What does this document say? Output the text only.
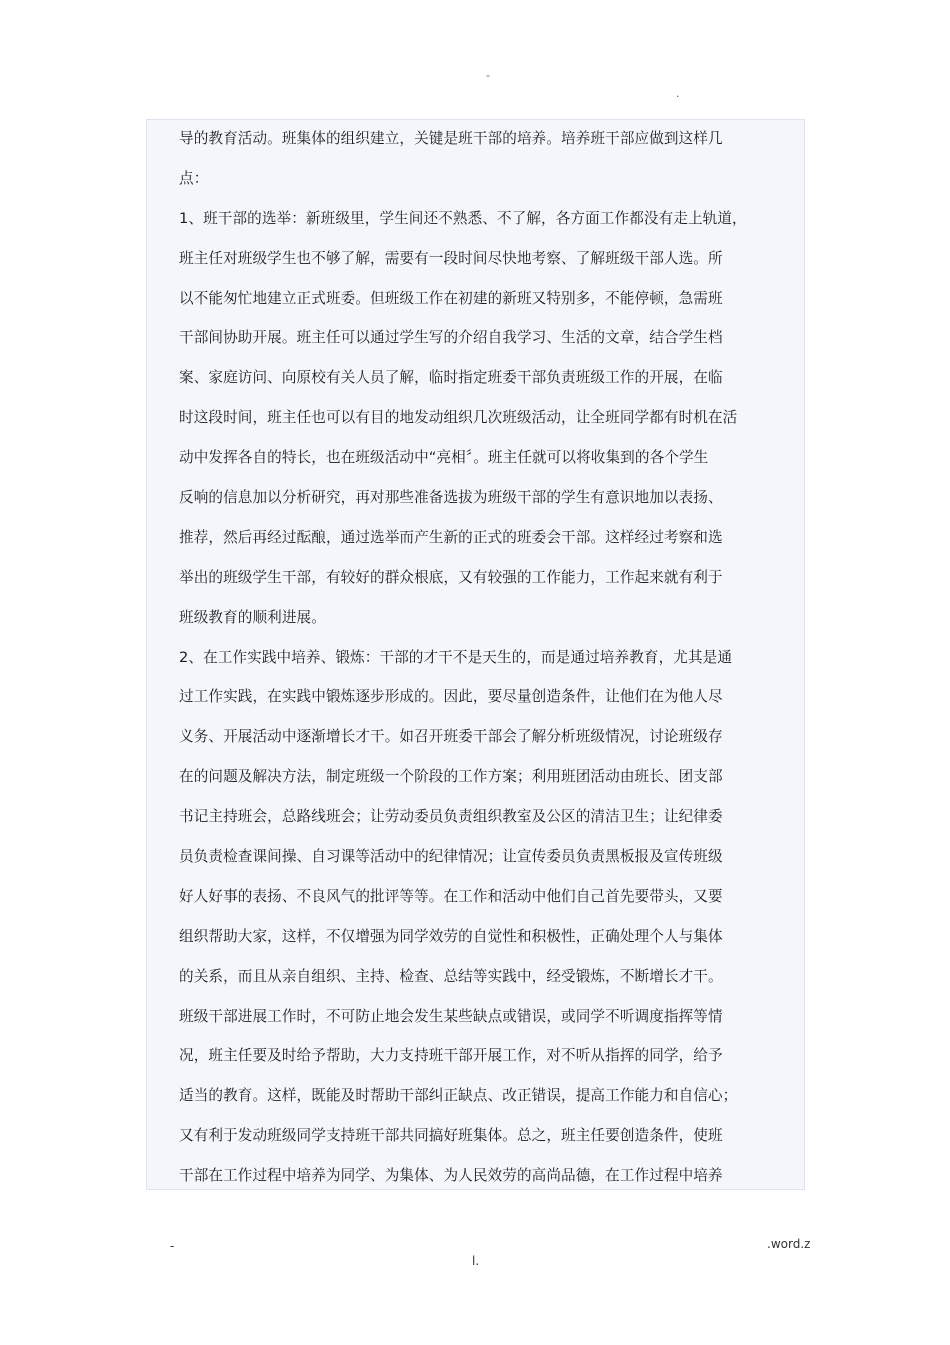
-
.
导的教育活动。班集体的组织建立，关键是班干部的培养。培养班干部应做到这样几
点：
1、班干部的选举：新班级里，学生间还不熟悉、不了解，各方面工作都没有走上轨道，
班主任对班级学生也不够了解，需要有一段时间尽快地考察、了解班级干部人选。所
以不能匆忙地建立正式班委。但班级工作在初建的新班又特别多，不能停顿，急需班
干部间协助开展。班主任可以通过学生写的介绍自我学习、生活的文章，结合学生档
案、家庭访问、向原校有关人员了解，临时指定班委干部负责班级工作的开展，在临
时这段时间，班主任也可以有目的地发动组织几次班级活动，让全班同学都有时机在活
动中发挥各自的特长，也在班级活动中“亮相〞。班主任就可以将收集到的各个学生
反响的信息加以分析研究，再对那些准备选拔为班级干部的学生有意识地加以表扬、
推荐，然后再经过酝酿，通过选举而产生新的正式的班委会干部。这样经过考察和选
举出的班级学生干部，有较好的群众根底，又有较强的工作能力，工作起来就有利于
班级教育的顺利进展。
2、在工作实践中培养、锻炼：干部的才干不是天生的，而是通过培养教育，尤其是通
过工作实践，在实践中锻炼逐步形成的。因此，要尽量创造条件，让他们在为他人尽
义务、开展活动中逐渐增长才干。如召开班委干部会了解分析班级情况，讨论班级存
在的问题及解决方法，制定班级一个阶段的工作方案；利用班团活动由班长、团支部
书记主持班会，总路线班会；让劳动委员负责组织教室及公区的清洁卫生；让纪律委
员负责检查课间操、自习课等活动中的纪律情况；让宣传委员负责黑板报及宣传班级
好人好事的表扬、不良风气的批评等等。在工作和活动中他们自己首先要带头，又要
组织帮助大家，这样，不仅增强为同学效劳的自觉性和积极性，正确处理个人与集体
的关系，而且从亲自组织、主持、检查、总结等实践中，经受锻炼，不断增长才干。
班级干部进展工作时，不可防止地会发生某些缺点或错误，或同学不听调度指挥等情
况，班主任要及时给予帮助，大力支持班干部开展工作，对不听从指挥的同学，给予
适当的教育。这样，既能及时帮助干部纠正缺点、改正错误，提高工作能力和自信心；
又有利于发动班级同学支持班干部共同搞好班集体。总之，班主任要创造条件，使班
干部在工作过程中培养为同学、为集体、为人民效劳的高尚品德，在工作过程中培养
-	.word.z
l.
